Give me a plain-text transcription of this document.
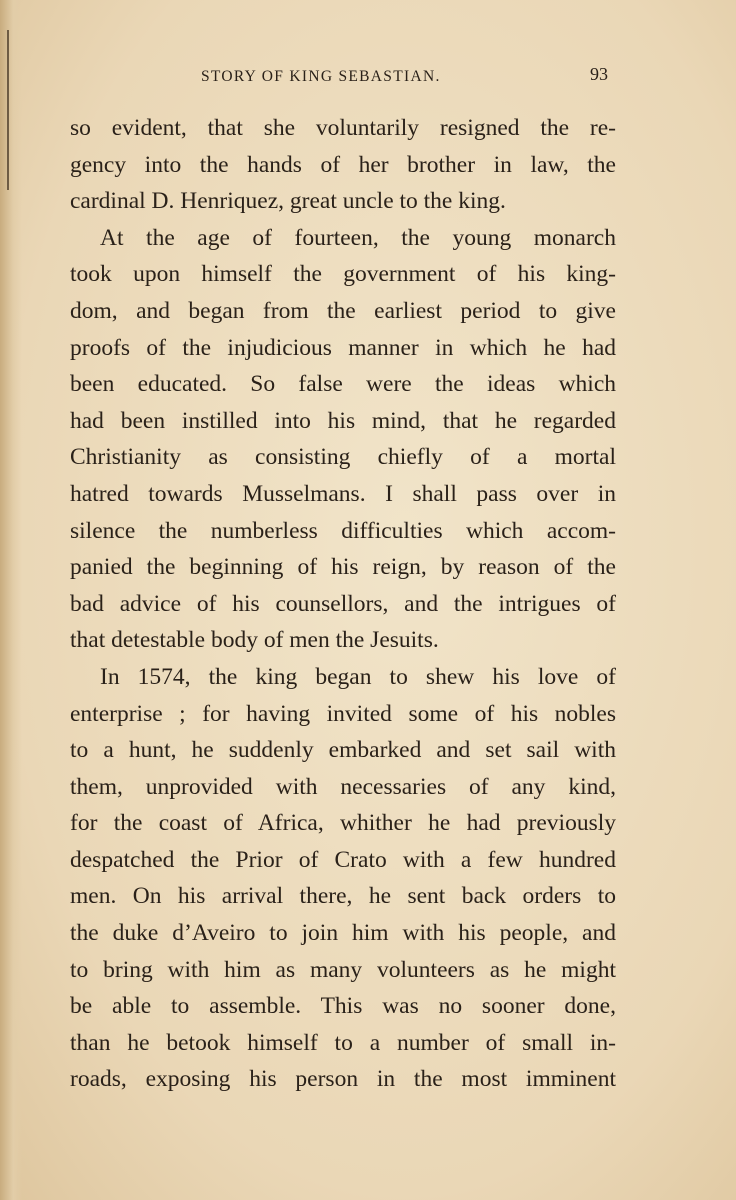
STORY OF KING SEBASTIAN.	93
so evident, that she voluntarily resigned the re-
gency into the hands of her brother in law, the
cardinal D. Henriquez, great uncle to the king.
At the age of fourteen, the young monarch
took upon himself the government of his king-
dom, and began from the earliest period to give
proofs of the injudicious manner in which he had
been educated. So false were the ideas which
had been instilled into his mind, that he regarded
Christianity as consisting chiefly of a mortal
hatred towards Musselmans. I shall pass over in
silence the numberless difficulties which accom-
panied the beginning of his reign, by reason of the
bad advice of his counsellors, and the intrigues of
that detestable body of men the Jesuits.
In 1574, the king began to shew his love of
enterprise ; for having invited some of his nobles
to a hunt, he suddenly embarked and set sail with
them, unprovided with necessaries of any kind,
for the coast of Africa, whither he had previously
despatched the Prior of Crato with a few hundred
men. On his arrival there, he sent back orders to
the duke d’Aveiro to join him with his people, and
to bring with him as many volunteers as he might
be able to assemble. This was no sooner done,
than he betook himself to a number of small in-
roads, exposing his person in the most imminent
